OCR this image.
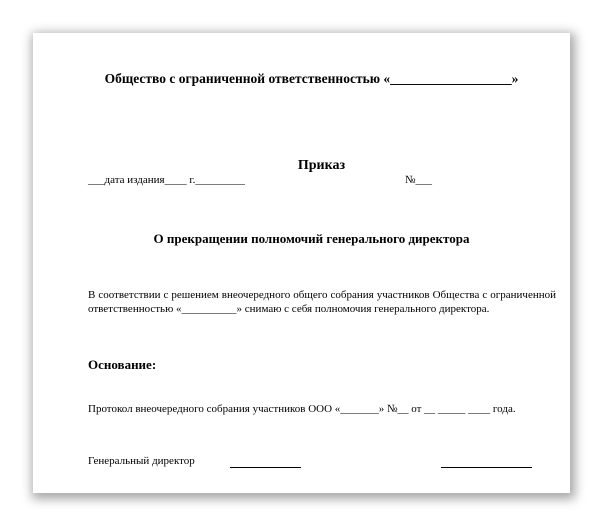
Общество с ограниченной ответственностью «__________________»
Приказ
___дата издания____ г._________	№___
О прекращении полномочий генерального директора
В соответствии с решением внеочередного общего собрания участников Общества с ограниченной ответственностью «__________» снимаю с себя полномочия генерального директора.
Основание:
Протокол внеочередного собрания участников ООО «_______» №__ от __ _____ ____ года.
Генеральный директор
